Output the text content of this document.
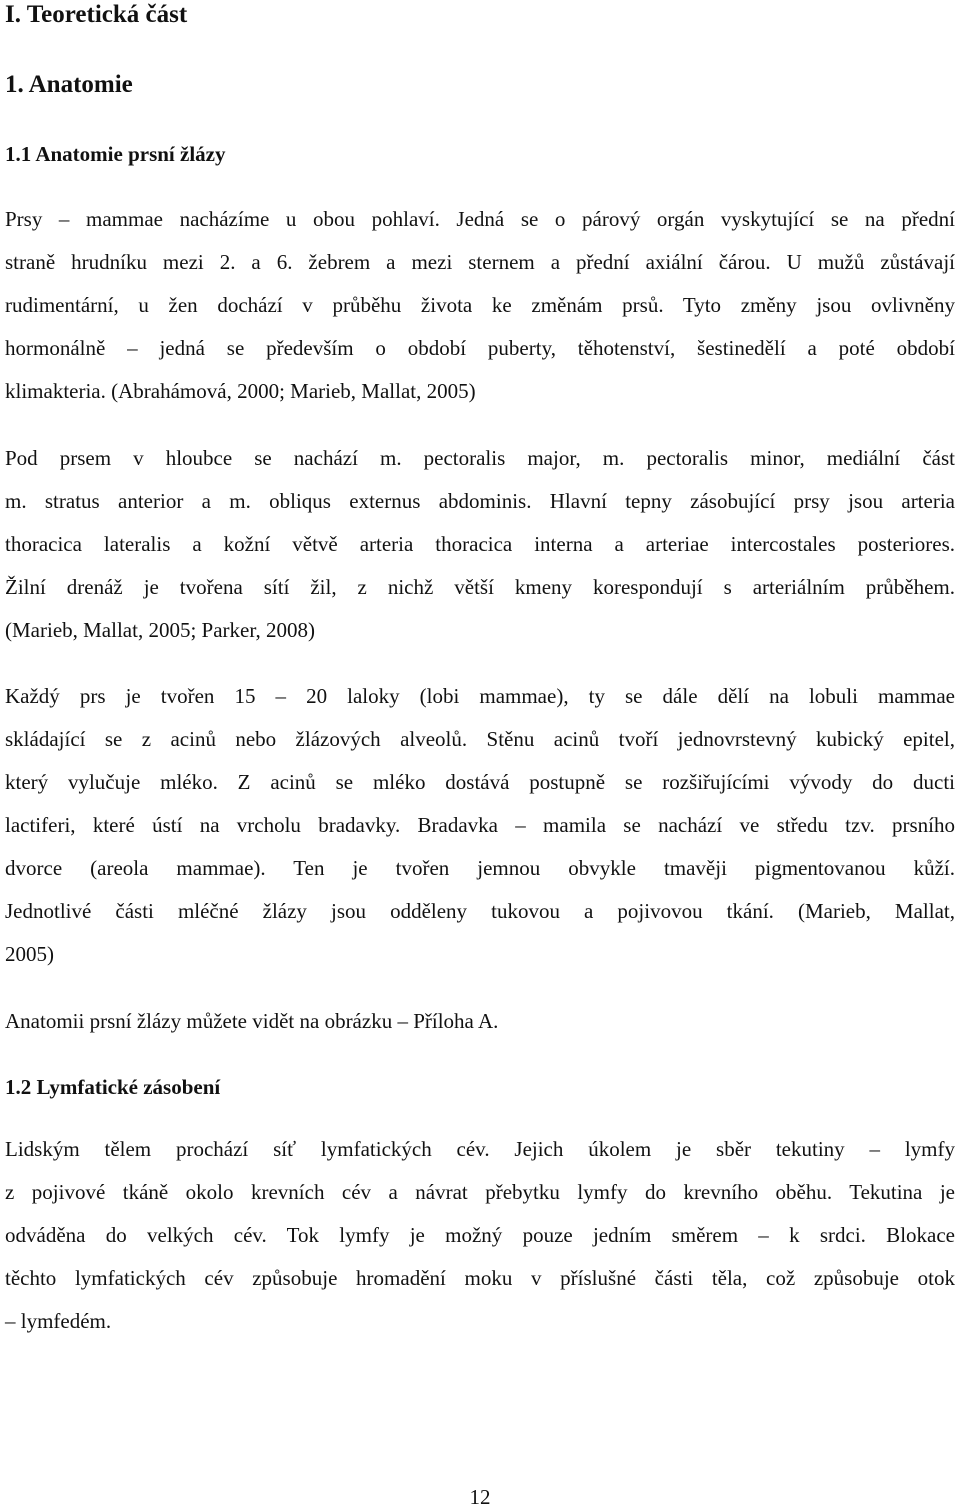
I. Teoretická část
1. Anatomie
1.1 Anatomie prsní žlázy
Prsy – mammae nacházíme u obou pohlaví. Jedná se o párový orgán vyskytující se na přední
straně hrudníku mezi 2. a 6. žebrem a mezi sternem a přední axiální čárou. U mužů zůstávají
rudimentární, u žen dochází v průběhu života ke změnám prsů. Tyto změny jsou ovlivněny
hormonálně – jedná se především o období puberty, těhotenství, šestinedělí a poté období
klimakteria. (Abrahámová, 2000; Marieb, Mallat, 2005)
Pod prsem v hloubce se nachází m. pectoralis major, m. pectoralis minor, mediální část
m. stratus anterior a m. obliqus externus abdominis. Hlavní tepny zásobující prsy jsou arteria
thoracica lateralis a kožní větvě arteria thoracica interna a arteriae intercostales posteriores.
Žilní drenáž je tvořena sítí žil, z nichž větší kmeny korespondují s arteriálním průběhem.
(Marieb, Mallat, 2005; Parker, 2008)
Každý prs je tvořen 15 – 20 laloky (lobi mammae), ty se dále dělí na lobuli mammae
skládající se z acinů nebo žlázových alveolů. Stěnu acinů tvoří jednovrstevný kubický epitel,
který vylučuje mléko. Z acinů se mléko dostává postupně se rozšiřujícími vývody do ducti
lactiferi, které ústí na vrcholu bradavky. Bradavka – mamila se nachází ve středu tzv. prsního
dvorce (areola mammae). Ten je tvořen jemnou obvykle tmavěji pigmentovanou kůží.
Jednotlivé části mléčné žlázy jsou odděleny tukovou a pojivovou tkání. (Marieb, Mallat,
2005)
Anatomii prsní žlázy můžete vidět na obrázku – Příloha A.
1.2 Lymfatické zásobení
Lidským tělem prochází síť lymfatických cév. Jejich úkolem je sběr tekutiny – lymfy
z pojivové tkáně okolo krevních cév a návrat přebytku lymfy do krevního oběhu. Tekutina je
odváděna do velkých cév. Tok lymfy je možný pouze jedním směrem – k srdci. Blokace
těchto lymfatických cév způsobuje hromadění moku v příslušné části těla, což způsobuje otok
– lymfedém.

12
